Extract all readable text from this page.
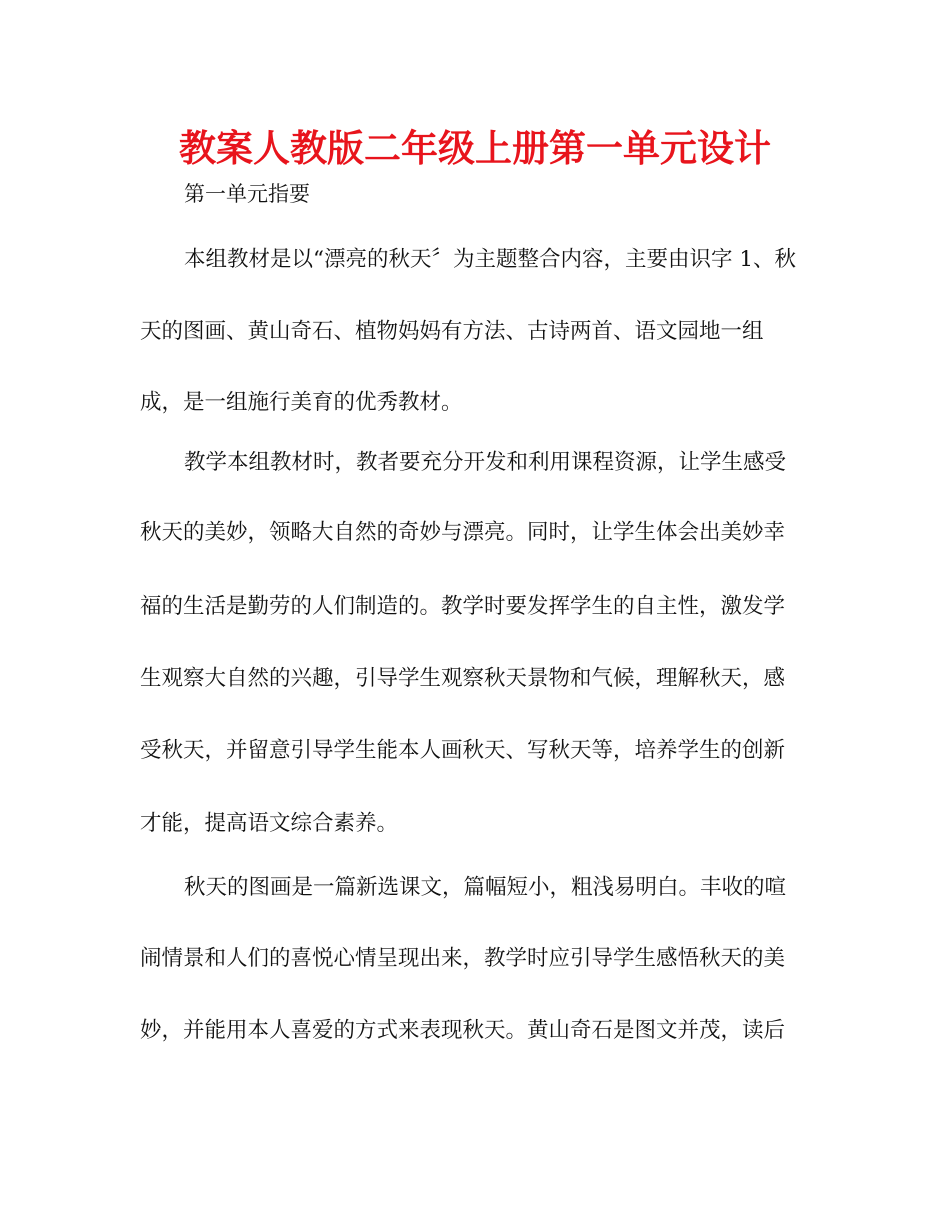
教案人教版二年级上册第一单元设计
第一单元指要
本组教材是以“漂亮的秋天〞为主题整合内容，主要由识字 1、秋
天的图画、黄山奇石、植物妈妈有方法、古诗两首、语文园地一组
成，是一组施行美育的优秀教材。
教学本组教材时，教者要充分开发和利用课程资源，让学生感受
秋天的美妙，领略大自然的奇妙与漂亮。同时，让学生体会出美妙幸
福的生活是勤劳的人们制造的。教学时要发挥学生的自主性，激发学
生观察大自然的兴趣，引导学生观察秋天景物和气候，理解秋天，感
受秋天，并留意引导学生能本人画秋天、写秋天等，培养学生的创新
才能，提高语文综合素养。
秋天的图画是一篇新选课文，篇幅短小，粗浅易明白。丰收的喧
闹情景和人们的喜悦心情呈现出来，教学时应引导学生感悟秋天的美
妙，并能用本人喜爱的方式来表现秋天。黄山奇石是图文并茂，读后
